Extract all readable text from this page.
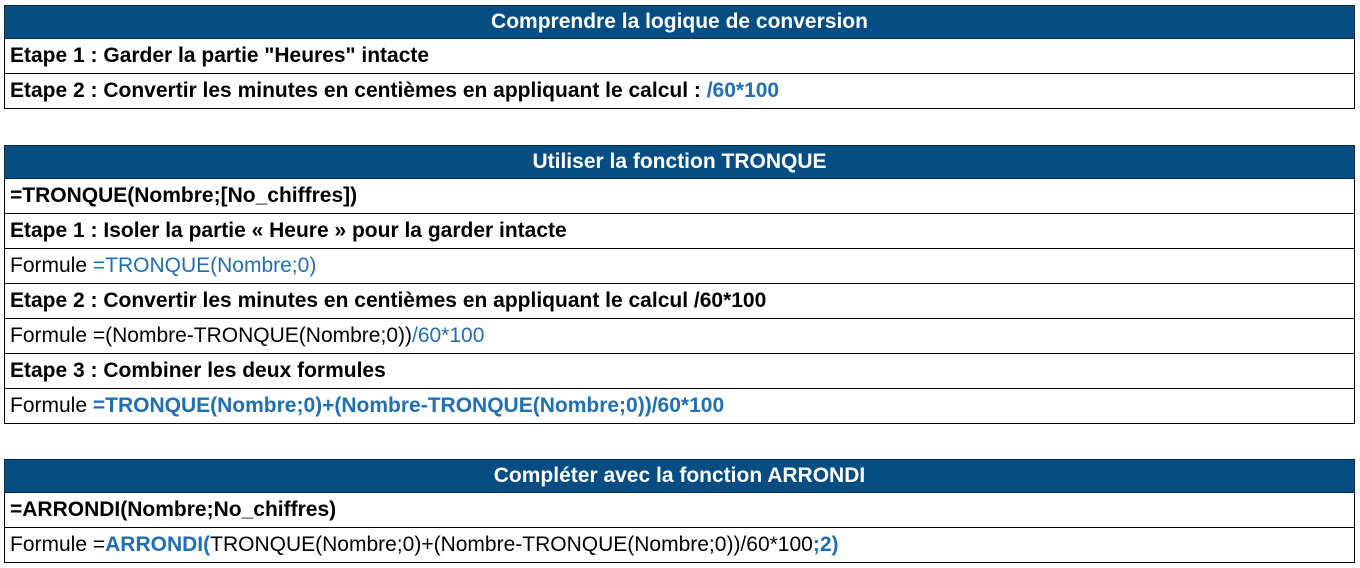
Comprendre la logique de conversion
Etape 1 : Garder la partie "Heures" intacte
Etape 2 : Convertir les minutes en centièmes en appliquant le calcul : /60*100
Utiliser la fonction TRONQUE
=TRONQUE(Nombre;[No_chiffres])
Etape 1 : Isoler la partie « Heure » pour la garder intacte
Formule =TRONQUE(Nombre;0)
Etape 2 : Convertir les minutes en centièmes en appliquant le calcul /60*100
Formule =(Nombre-TRONQUE(Nombre;0)) /60*100
Etape 3 : Combiner les deux formules
Formule =TRONQUE(Nombre;0)+(Nombre-TRONQUE(Nombre;0))/60*100
Compléter avec la fonction ARRONDI
=ARRONDI(Nombre;No_chiffres)
Formule = ARRONDI( TRONQUE(Nombre;0)+(Nombre-TRONQUE(Nombre;0))/60*100 ;2)
